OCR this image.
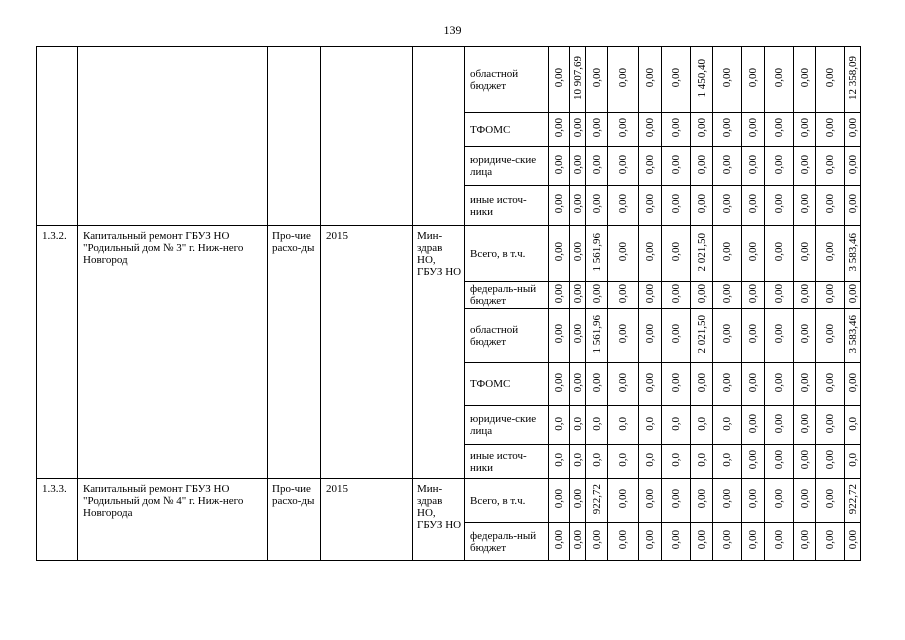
139
					областной бюджет	0,00	10 907,69	0,00	0,00	0,00	0,00	1 450,40	0,00	0,00	0,00	0,00	0,00	12 358,09
					ТФОМС	0,00	0,00	0,00	0,00	0,00	0,00	0,00	0,00	0,00	0,00	0,00	0,00	0,00
					юридиче-ские лица	0,00	0,00	0,00	0,00	0,00	0,00	0,00	0,00	0,00	0,00	0,00	0,00	0,00
					иные источ-ники	0,00	0,00	0,00	0,00	0,00	0,00	0,00	0,00	0,00	0,00	0,00	0,00	0,00
1.3.2.	Капитальный ремонт ГБУЗ НО "Родильный дом № 3" г. Ниж-него Новгород	Про-чие расхо-ды	2015	Мин-здрав НО, ГБУЗ НО	Всего, в т.ч.	0,00	0,00	1 561,96	0,00	0,00	0,00	2 021,50	0,00	0,00	0,00	0,00	0,00	3 583,46
					федераль-ный бюджет	0,00	0,00	0,00	0,00	0,00	0,00	0,00	0,00	0,00	0,00	0,00	0,00	0,00
					областной бюджет	0,00	0,00	1 561,96	0,00	0,00	0,00	2 021,50	0,00	0,00	0,00	0,00	0,00	3 583,46
					ТФОМС	0,00	0,00	0,00	0,00	0,00	0,00	0,00	0,00	0,00	0,00	0,00	0,00	0,00
					юридиче-ские лица	0,0	0,0	0,0	0,0	0,0	0,0	0,0	0,0	0,00	0,00	0,00	0,00	0,0
					иные источ-ники	0,0	0,0	0,0	0,0	0,0	0,0	0,0	0,0	0,00	0,00	0,00	0,00	0,0
1.3.3.	Капитальный ремонт ГБУЗ НО "Родильный дом № 4" г. Ниж-него Новгорода	Про-чие расхо-ды	2015	Мин-здрав НО, ГБУЗ НО	Всего, в т.ч.	0,00	0,00	922,72	0,00	0,00	0,00	0,00	0,00	0,00	0,00	0,00	0,00	922,72
					федераль-ный бюджет	0,00	0,00	0,00	0,00	0,00	0,00	0,00	0,00	0,00	0,00	0,00	0,00	0,00
